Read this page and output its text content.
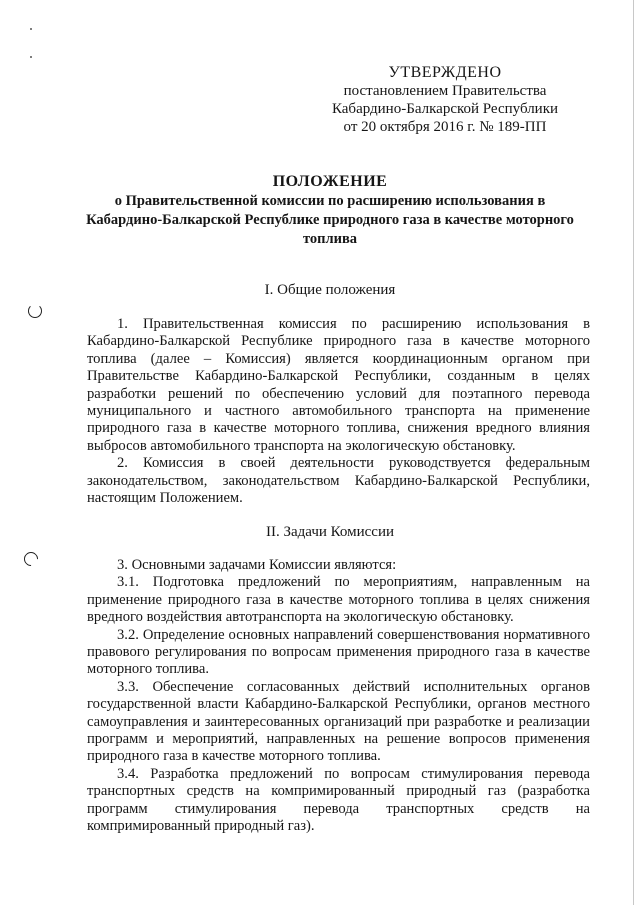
УТВЕРЖДЕНО
постановлением Правительства
Кабардино-Балкарской Республики
от 20 октября 2016 г. № 189-ПП
ПОЛОЖЕНИЕ
о Правительственной комиссии по расширению использования в Кабардино-Балкарской Республике природного газа в качестве моторного топлива
I. Общие положения

1. Правительственная комиссия по расширению использования в Кабардино-Балкарской Республике природного газа в качестве моторного топлива (далее – Комиссия) является координационным органом при Правительстве Кабардино-Балкарской Республики, созданным в целях разработки решений по обеспечению условий для поэтапного перевода муниципального и частного автомобильного транспорта на применение природного газа в качестве моторного топлива, снижения вредного влияния выбросов автомобильного транспорта на экологическую обстановку.

2. Комиссия в своей деятельности руководствуется федеральным законодательством, законодательством Кабардино-Балкарской Республики, настоящим Положением.

II. Задачи Комиссии

3. Основными задачами Комиссии являются:

3.1. Подготовка предложений по мероприятиям, направленным на применение природного газа в качестве моторного топлива в целях снижения вредного воздействия автотранспорта на экологическую обстановку.

3.2. Определение основных направлений совершенствования нормативного правового регулирования по вопросам применения природного газа в качестве моторного топлива.

3.3. Обеспечение согласованных действий исполнительных органов государственной власти Кабардино-Балкарской Республики, органов местного самоуправления и заинтересованных организаций при разработке и реализации программ и мероприятий, направленных на решение вопросов применения природного газа в качестве моторного топлива.

3.4. Разработка предложений по вопросам стимулирования перевода транспортных средств на компримированный природный газ (разработка программ стимулирования перевода транспортных средств на компримированный природный газ).
